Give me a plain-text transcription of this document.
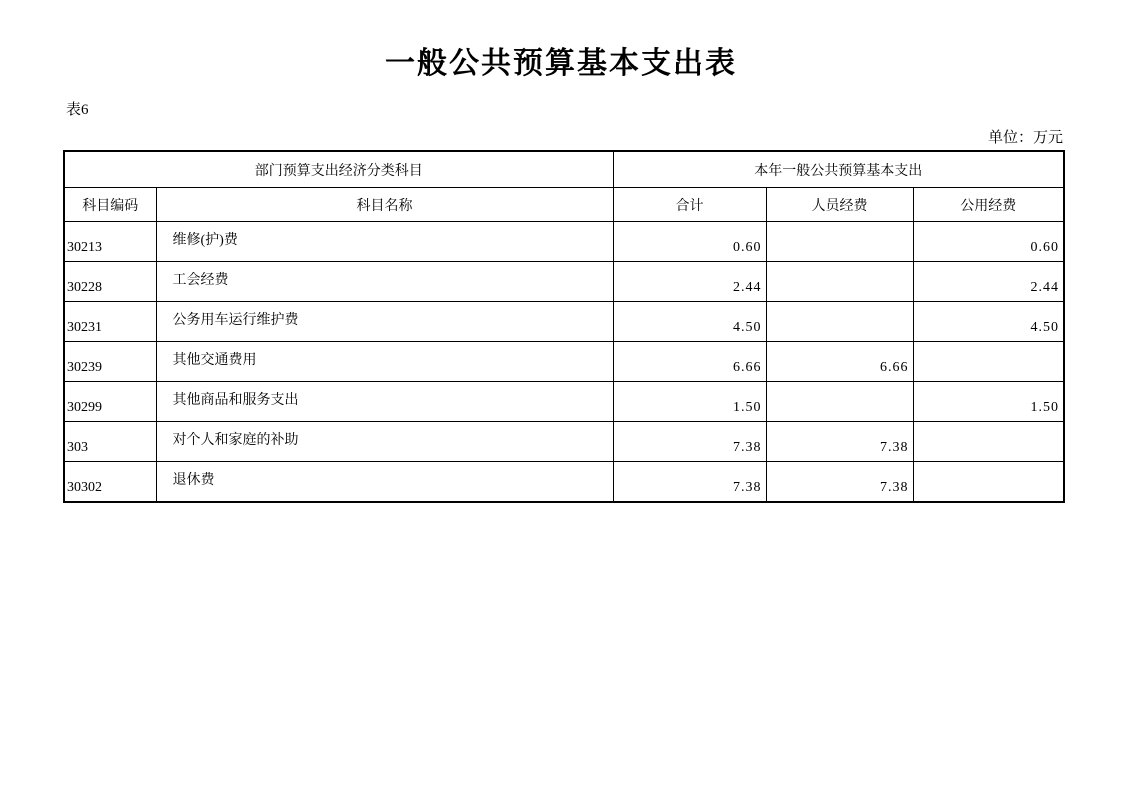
一般公共预算基本支出表
表6
单位：万元
部门预算支出经济分类科目		本年一般公共预算基本支出		
科目编码	科目名称	合计	人员经费	公用经费
30213	维修(护)费	0.60		0.60
30228	工会经费	2.44		2.44
30231	公务用车运行维护费	4.50		4.50
30239	其他交通费用	6.66	6.66	
30299	其他商品和服务支出	1.50		1.50
303	对个人和家庭的补助	7.38	7.38	
30302	退休费	7.38	7.38	
